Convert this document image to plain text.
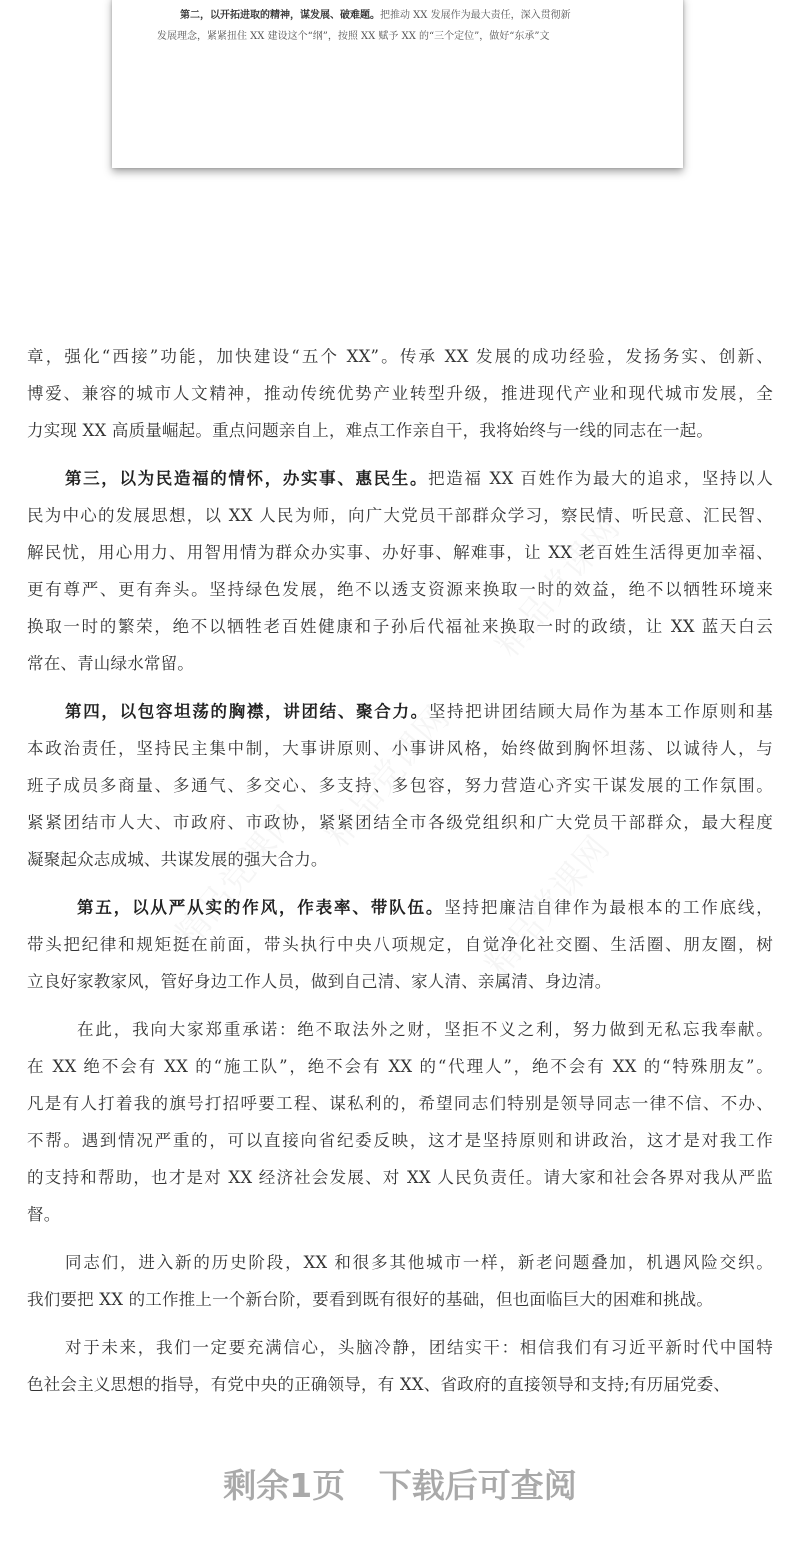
第二，以开拓进取的精神，谋发展、破难题。把推动 XX 发展作为最大责任，深入贯彻新
发展理念，紧紧扭住 XX 建设这个“纲”，按照 XX 赋予 XX 的“三个定位”，做好“东承”文
章，强化“西接”功能，加快建设“五个 XX”。传承 XX 发展的成功经验，发扬务实、创新、
博爱、兼容的城市人文精神，推动传统优势产业转型升级，推进现代产业和现代城市发展，全
力实现 XX 高质量崛起。重点问题亲自上，难点工作亲自干，我将始终与一线的同志在一起。
第三，以为民造福的情怀，办实事、惠民生。把造福 XX 百姓作为最大的追求，坚持以人
民为中心的发展思想，以 XX 人民为师，向广大党员干部群众学习，察民情、听民意、汇民智、
解民忧，用心用力、用智用情为群众办实事、办好事、解难事，让 XX 老百姓生活得更加幸福、
更有尊严、更有奔头。坚持绿色发展，绝不以透支资源来换取一时的效益，绝不以牺牲环境来
换取一时的繁荣，绝不以牺牲老百姓健康和子孙后代福祉来换取一时的政绩，让 XX 蓝天白云
常在、青山绿水常留。
第四，以包容坦荡的胸襟，讲团结、聚合力。坚持把讲团结顾大局作为基本工作原则和基
本政治责任，坚持民主集中制，大事讲原则、小事讲风格，始终做到胸怀坦荡、以诚待人，与
班子成员多商量、多通气、多交心、多支持、多包容，努力营造心齐实干谋发展的工作氛围。
紧紧团结市人大、市政府、市政协，紧紧团结全市各级党组织和广大党员干部群众，最大程度
凝聚起众志成城、共谋发展的强大合力。
第五，以从严从实的作风，作表率、带队伍。坚持把廉洁自律作为最根本的工作底线，
带头把纪律和规矩挺在前面，带头执行中央八项规定，自觉净化社交圈、生活圈、朋友圈，树
立良好家教家风，管好身边工作人员，做到自己清、家人清、亲属清、身边清。
在此，我向大家郑重承诺：绝不取法外之财，坚拒不义之利，努力做到无私忘我奉献。
在 XX 绝不会有 XX 的“施工队”，绝不会有 XX 的“代理人”，绝不会有 XX 的“特殊朋友”。
凡是有人打着我的旗号打招呼要工程、谋私利的，希望同志们特别是领导同志一律不信、不办、
不帮。遇到情况严重的，可以直接向省纪委反映，这才是坚持原则和讲政治，这才是对我工作
的支持和帮助，也才是对 XX 经济社会发展、对 XX 人民负责任。请大家和社会各界对我从严监
督。
同志们，进入新的历史阶段，XX 和很多其他城市一样，新老问题叠加，机遇风险交织。
我们要把 XX 的工作推上一个新台阶，要看到既有很好的基础，但也面临巨大的困难和挑战。
对于未来，我们一定要充满信心，头脑冷静，团结实干：相信我们有习近平新时代中国特
色社会主义思想的指导，有党中央的正确领导，有 XX、省政府的直接领导和支持;有历届党委、
剩余1页 下载后可查阅
